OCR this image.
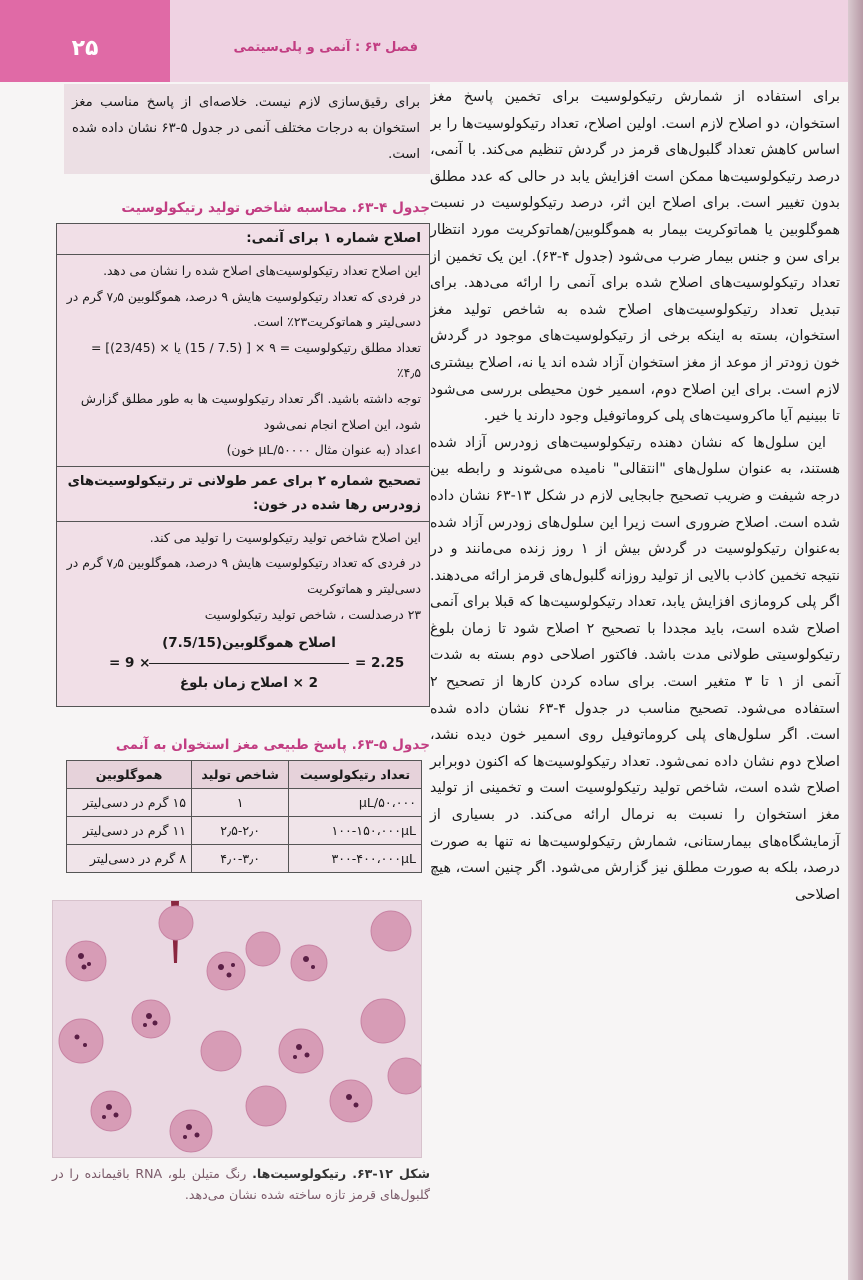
۲۵	فصل ۶۳ : آنمی و پلی‌سیتمی

برای استفاده از شمارش رتیکولوسیت برای تخمین پاسخ مغز استخوان، دو اصلاح لازم است. اولین اصلاح، تعداد رتیکولوسیت‌ها را بر اساس کاهش تعداد گلبول‌های قرمز در گردش تنظیم می‌کند. با آنمی، درصد رتیکولوسیت‌ها ممکن است افزایش یابد در حالی که عدد مطلق بدون تغییر است. برای اصلاح این اثر، درصد رتیکولوسیت در نسبت هموگلوبین یا هماتوکریت بیمار به هموگلوبین/هماتوکریت مورد انتظار برای سن و جنس بیمار ضرب می‌شود (جدول ۴-۶۳). این یک تخمین از تعداد رتیکولوسیت‌های اصلاح شده برای آنمی را ارائه می‌دهد. برای تبدیل تعداد رتیکولوسیت‌های اصلاح شده به شاخص تولید مغز استخوان، بسته به اینکه برخی از رتیکولوسیت‌های موجود در گردش خون زودتر از موعد از مغز استخوان آزاد شده اند یا نه، اصلاح بیشتری لازم است. برای این اصلاح دوم، اسمیر خون محیطی بررسی می‌شود تا ببینیم آیا ماکروسیت‌های پلی کروماتوفیل وجود دارند یا خیر.

این سلول‌ها که نشان دهنده رتیکولوسیت‌های زودرس آزاد شده هستند، به عنوان سلول‌های "انتقالی" نامیده می‌شوند و رابطه بین درجه شیفت و ضریب تصحیح جابجایی لازم در شکل ۱۳-۶۳ نشان داده شده است. اصلاح ضروری است زیرا این سلول‌های زودرس آزاد شده به‌عنوان رتیکولوسیت در گردش بیش از ۱ روز زنده می‌مانند و در نتیجه تخمین کاذب بالایی از تولید روزانه گلبول‌های قرمز ارائه می‌دهند. اگر پلی کرومازی افزایش یابد، تعداد رتیکولوسیت‌ها که قبلا برای آنمی اصلاح شده است، باید مجددا با تصحیح ۲ اصلاح شود تا زمان بلوغ رتیکولوسیتی طولانی مدت باشد. فاکتور اصلاحی دوم بسته به شدت آنمی از ۱ تا ۳ متغیر است. برای ساده کردن کارها از تصحیح ۲ استفاده می‌شود. تصحیح مناسب در جدول ۴-۶۳ نشان داده شده است. اگر سلول‌های پلی کروماتوفیل روی اسمیر خون دیده نشد، اصلاح دوم نشان داده نمی‌شود. تعداد رتیکولوسیت‌ها که اکنون دوبرابر اصلاح شده است، شاخص تولید رتیکولوسیت است و تخمینی از تولید مغز استخوان را نسبت به نرمال ارائه می‌کند. در بسیاری از آزمایشگاه‌های بیمارستانی، شمارش رتیکولوسیت‌ها نه تنها به صورت درصد، بلکه به صورت مطلق نیز گزارش می‌شود. اگر چنین است، هیچ اصلاحی

برای رقیق‌سازی لازم نیست. خلاصه‌ای از پاسخ مناسب مغز استخوان به درجات مختلف آنمی در جدول ۵-۶۳ نشان داده شده است.
جدول ۴-۶۳. محاسبه شاخص تولید رتیکولوسیت
اصلاح شماره ۱ برای آنمی:
این اصلاح تعداد رتیکولوسیت‌های اصلاح شده را نشان می دهد.
در فردی که تعداد رتیکولوسیت هایش ۹ درصد، هموگلوبین ۷٫۵ گرم در دسی‌لیتر و هماتوکریت۲۳٪ است.
تعداد مطلق رتیکولوسیت = ۹ × [ (7.5 / 15) یا × (23/45)] = ۴٫۵٪
توجه داشته باشید. اگر تعداد رتیکولوسیت ها به طور مطلق گزارش شود، این اصلاح انجام نمی‌شود
اعداد (به عنوان مثال µL/۵۰۰۰۰ خون)
تصحیح شماره ۲ برای عمر طولانی تر رتیکولوسیت‌های زودرس رها شده در خون:
این اصلاح شاخص تولید رتیکولوسیت را تولید می کند.
در فردی که تعداد رتیکولوسیت هایش ۹ درصد، هموگلوبین ۷٫۵ گرم در دسی‌لیتر و هماتوکریت
۲۳ درصدلست ، شاخص تولید رتیکولوسیت
= 9 ×
اصلاح هموگلوبین(7.5/15)
2 × اصلاح زمان بلوغ
= 2.25
جدول ۵-۶۳. پاسخ طبیعی مغز استخوان به آنمی
تعداد رتیکولوسیت	شاخص تولید	هموگلوبین
۵۰،۰۰۰/µL	۱	۱۵ گرم در دسی‌لیتر
۱۰۰-۱۵۰،۰۰۰µL	۲٫۵-۲٫۰	۱۱ گرم در دسی‌لیتر
۳۰۰-۴۰۰،۰۰۰µL	۴٫۰-۳٫۰	۸ گرم در دسی‌لیتر
شکل ۱۲-۶۳. رتیکولوسیت‌ها. رنگ متیلن بلو، RNA باقیمانده را در گلبول‌های قرمز تازه ساخته شده نشان می‌دهد.
